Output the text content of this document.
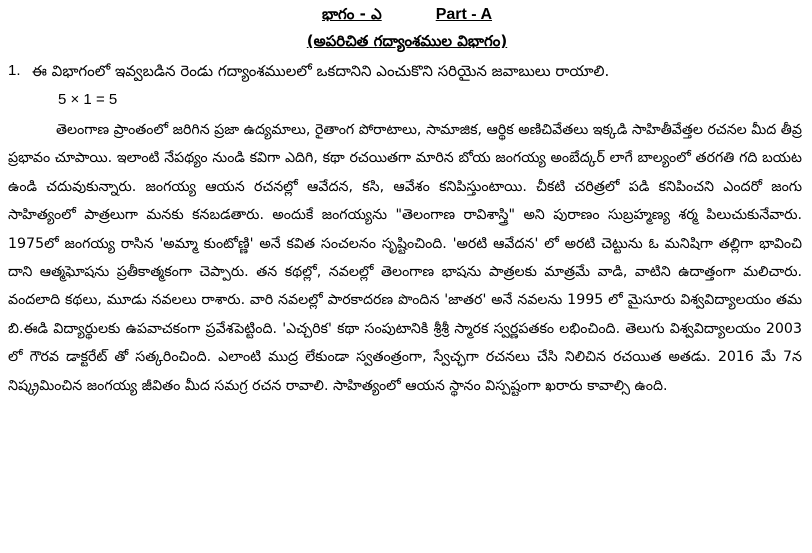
భాగం - ఎ	Part - A
(అపరిచిత గద్యాంశముల విభాగం)
1. ఈ విభాగంలో ఇవ్వబడిన రెండు గద్యాంశములలో ఒకదానిని ఎంచుకొని సరియైన జవాబులు రాయాలి.
5 × 1 = 5

తెలంగాణ ప్రాంతంలో జరిగిన ప్రజా ఉద్యమాలు, రైతాంగ పోరాటాలు, సామాజిక, ఆర్థిక అణిచివేతలు ఇక్కడి సాహితీవేత్తల రచనల మీద తీవ్ర ప్రభావం చూపాయి. ఇలాంటి నేపథ్యం నుండి కవిగా ఎదిగి, కథా రచయితగా మారిన బోయ జంగయ్య అంబేద్కర్ లాగే బాల్యంలో తరగతి గది బయట ఉండి చదువుకున్నారు. జంగయ్య ఆయన రచనల్లో ఆవేదన, కసి, ఆవేశం కనిపిస్తుంటాయి. చీకటి చరిత్రలో పడి కనిపించని ఎందరో జంగు సాహిత్యంలో పాత్రలుగా మనకు కనబడతారు. అందుకే జంగయ్యను "తెలంగాణ రావిశాస్త్రి" అని పురాణం సుబ్రహ్మణ్య శర్మ పిలుచుకునేవారు. 1975లో జంగయ్య రాసిన 'అమ్మా కుంటోణ్ణి' అనే కవిత సంచలనం సృష్టించింది. 'అరటి ఆవేదన' లో అరటి చెట్టును ఓ మనిషిగా తల్లిగా భావించి దాని ఆత్మఘోషను ప్రతీకాత్మకంగా చెప్పారు. తన కథల్లో, నవలల్లో తెలంగాణ భాషను పాత్రలకు మాత్రమే వాడి, వాటిని ఉదాత్తంగా మలిచారు. వందలాది కథలు, మూడు నవలలు రాశారు. వారి నవలల్లో పారకాదరణ పొందిన 'జాతర' అనే నవలను 1995 లో మైసూరు విశ్వవిద్యాలయం తమ బి.ఈడి విద్యార్థులకు ఉపవాచకంగా ప్రవేశపెట్టింది. 'ఎచ్చరిక' కథా సంపుటానికి శ్రీశ్రీ స్మారక స్వర్ణపతకం లభించింది. తెలుగు విశ్వవిద్యాలయం 2003 లో గౌరవ డాక్టరేట్ తో సత్కరించింది. ఎలాంటి ముద్ర లేకుండా స్వతంత్రంగా, స్వేచ్ఛగా రచనలు చేసి నిలిచిన రచయిత అతడు. 2016 మే 7న నిష్క్రమించిన జంగయ్య జీవితం మీద సమగ్ర రచన రావాలి. సాహిత్యంలో ఆయన స్థానం విస్పష్టంగా ఖరారు కావాల్సి ఉంది.
